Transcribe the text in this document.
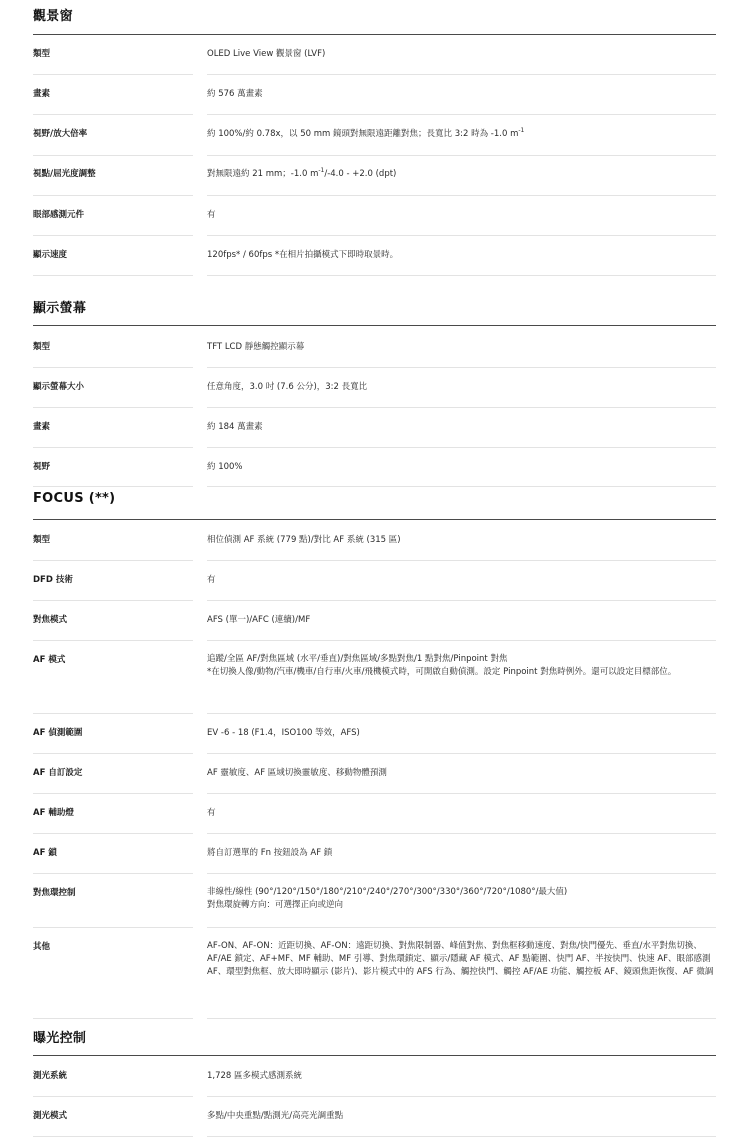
觀景窗
類型	OLED Live View 觀景窗 (LVF)
畫素	約 576 萬畫素
視野/放大倍率	約 100%/約 0.78x，以 50 mm 鏡頭對無限遠距離對焦；長寬比 3:2 時為 -1.0 $m^{-1}$
視點/屈光度調整	對無限遠約 21 mm；-1.0 $m^{-1}/-4.0 - +2.0$ (dpt)
眼部感測元件	有
顯示速度	120fps* / 60fps *在相片拍攝模式下即時取景時。
顯示螢幕
類型	TFT LCD 靜態觸控顯示幕
顯示螢幕大小	任意角度，3.0 吋 (7.6 公分)，3:2 長寬比
畫素	約 184 萬畫素
視野	約 100%
FOCUS (**)
類型	相位偵測 AF 系統 (779 點)/對比 AF 系統 (315 區)
DFD 技術	有
對焦模式	AFS (單一)/AFC (連續)/MF
AF 模式	追蹤/全區 AF/對焦區域 (水平/垂直)/對焦區域/多點對焦/1 點對焦/Pinpoint 對焦
*在切換人像/動物/汽車/機車/自行車/火車/飛機模式時，可開啟自動偵測。設定 Pinpoint 對焦時例外。還可以設定目標部位。
AF 偵測範圍	EV -6 - 18 (F1.4，ISO100 等效，AFS)
AF 自訂設定	AF 靈敏度、AF 區域切換靈敏度、移動物體預測
AF 輔助燈	有
AF 鎖	將自訂選單的 Fn 按鈕設為 AF 鎖
對焦環控制	非線性/線性 (90°/120°/150°/180°/210°/240°/270°/300°/330°/360°/720°/1080°/最大值)
對焦環旋轉方向：可選擇正向或逆向
其他	AF-ON、AF-ON：近距切換、AF-ON：遠距切換、對焦限制器、峰值對焦、對焦框移動速度、對焦/快門優先、垂直/水平對焦切換、AF/AE 鎖定、AF+MF、MF 輔助、MF 引導、對焦環鎖定、顯示/隱藏 AF 模式、AF 點範圍、快門 AF、半按快門、快速 AF、眼部感測 AF、環型對焦框、放大即時顯示 (影片)、影片模式中的 AFS 行為、觸控快門、觸控 AF/AE 功能、觸控板 AF、鏡頭焦距恢復、AF 微調
曝光控制
測光系統	1,728 區多模式感測系統
測光模式	多點/中央重點/點測光/高亮光調重點
